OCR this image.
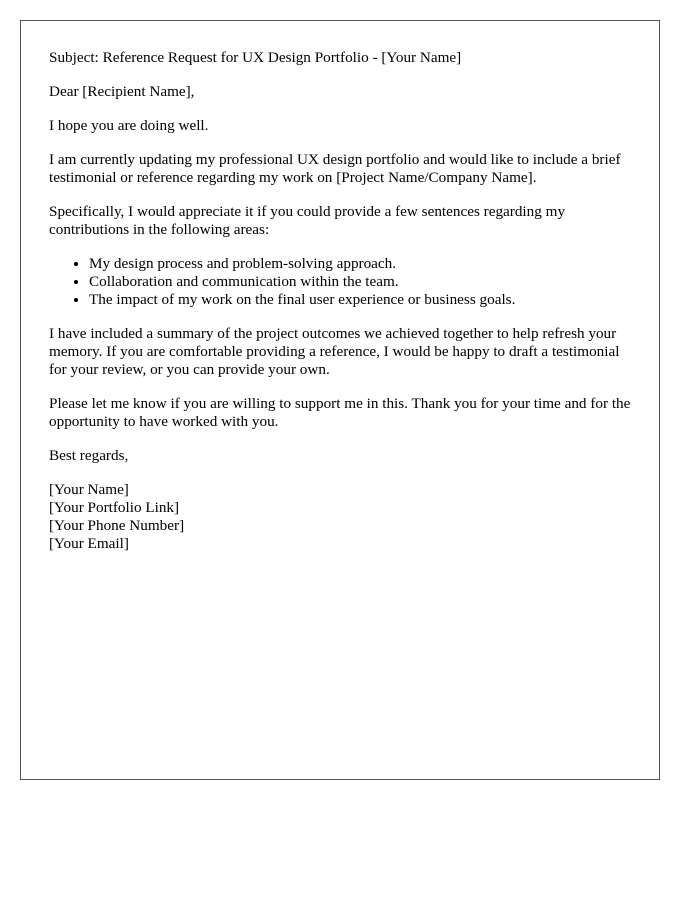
Subject: Reference Request for UX Design Portfolio - [Your Name]

Dear [Recipient Name],

I hope you are doing well.

I am currently updating my professional UX design portfolio and would like to include a brief testimonial or reference regarding my work on [Project Name/Company Name].

Specifically, I would appreciate it if you could provide a few sentences regarding my contributions in the following areas:

• My design process and problem-solving approach.
• Collaboration and communication within the team.
• The impact of my work on the final user experience or business goals.

I have included a summary of the project outcomes we achieved together to help refresh your memory. If you are comfortable providing a reference, I would be happy to draft a testimonial for your review, or you can provide your own.

Please let me know if you are willing to support me in this. Thank you for your time and for the opportunity to have worked with you.

Best regards,

[Your Name]
[Your Portfolio Link]
[Your Phone Number]
[Your Email]
